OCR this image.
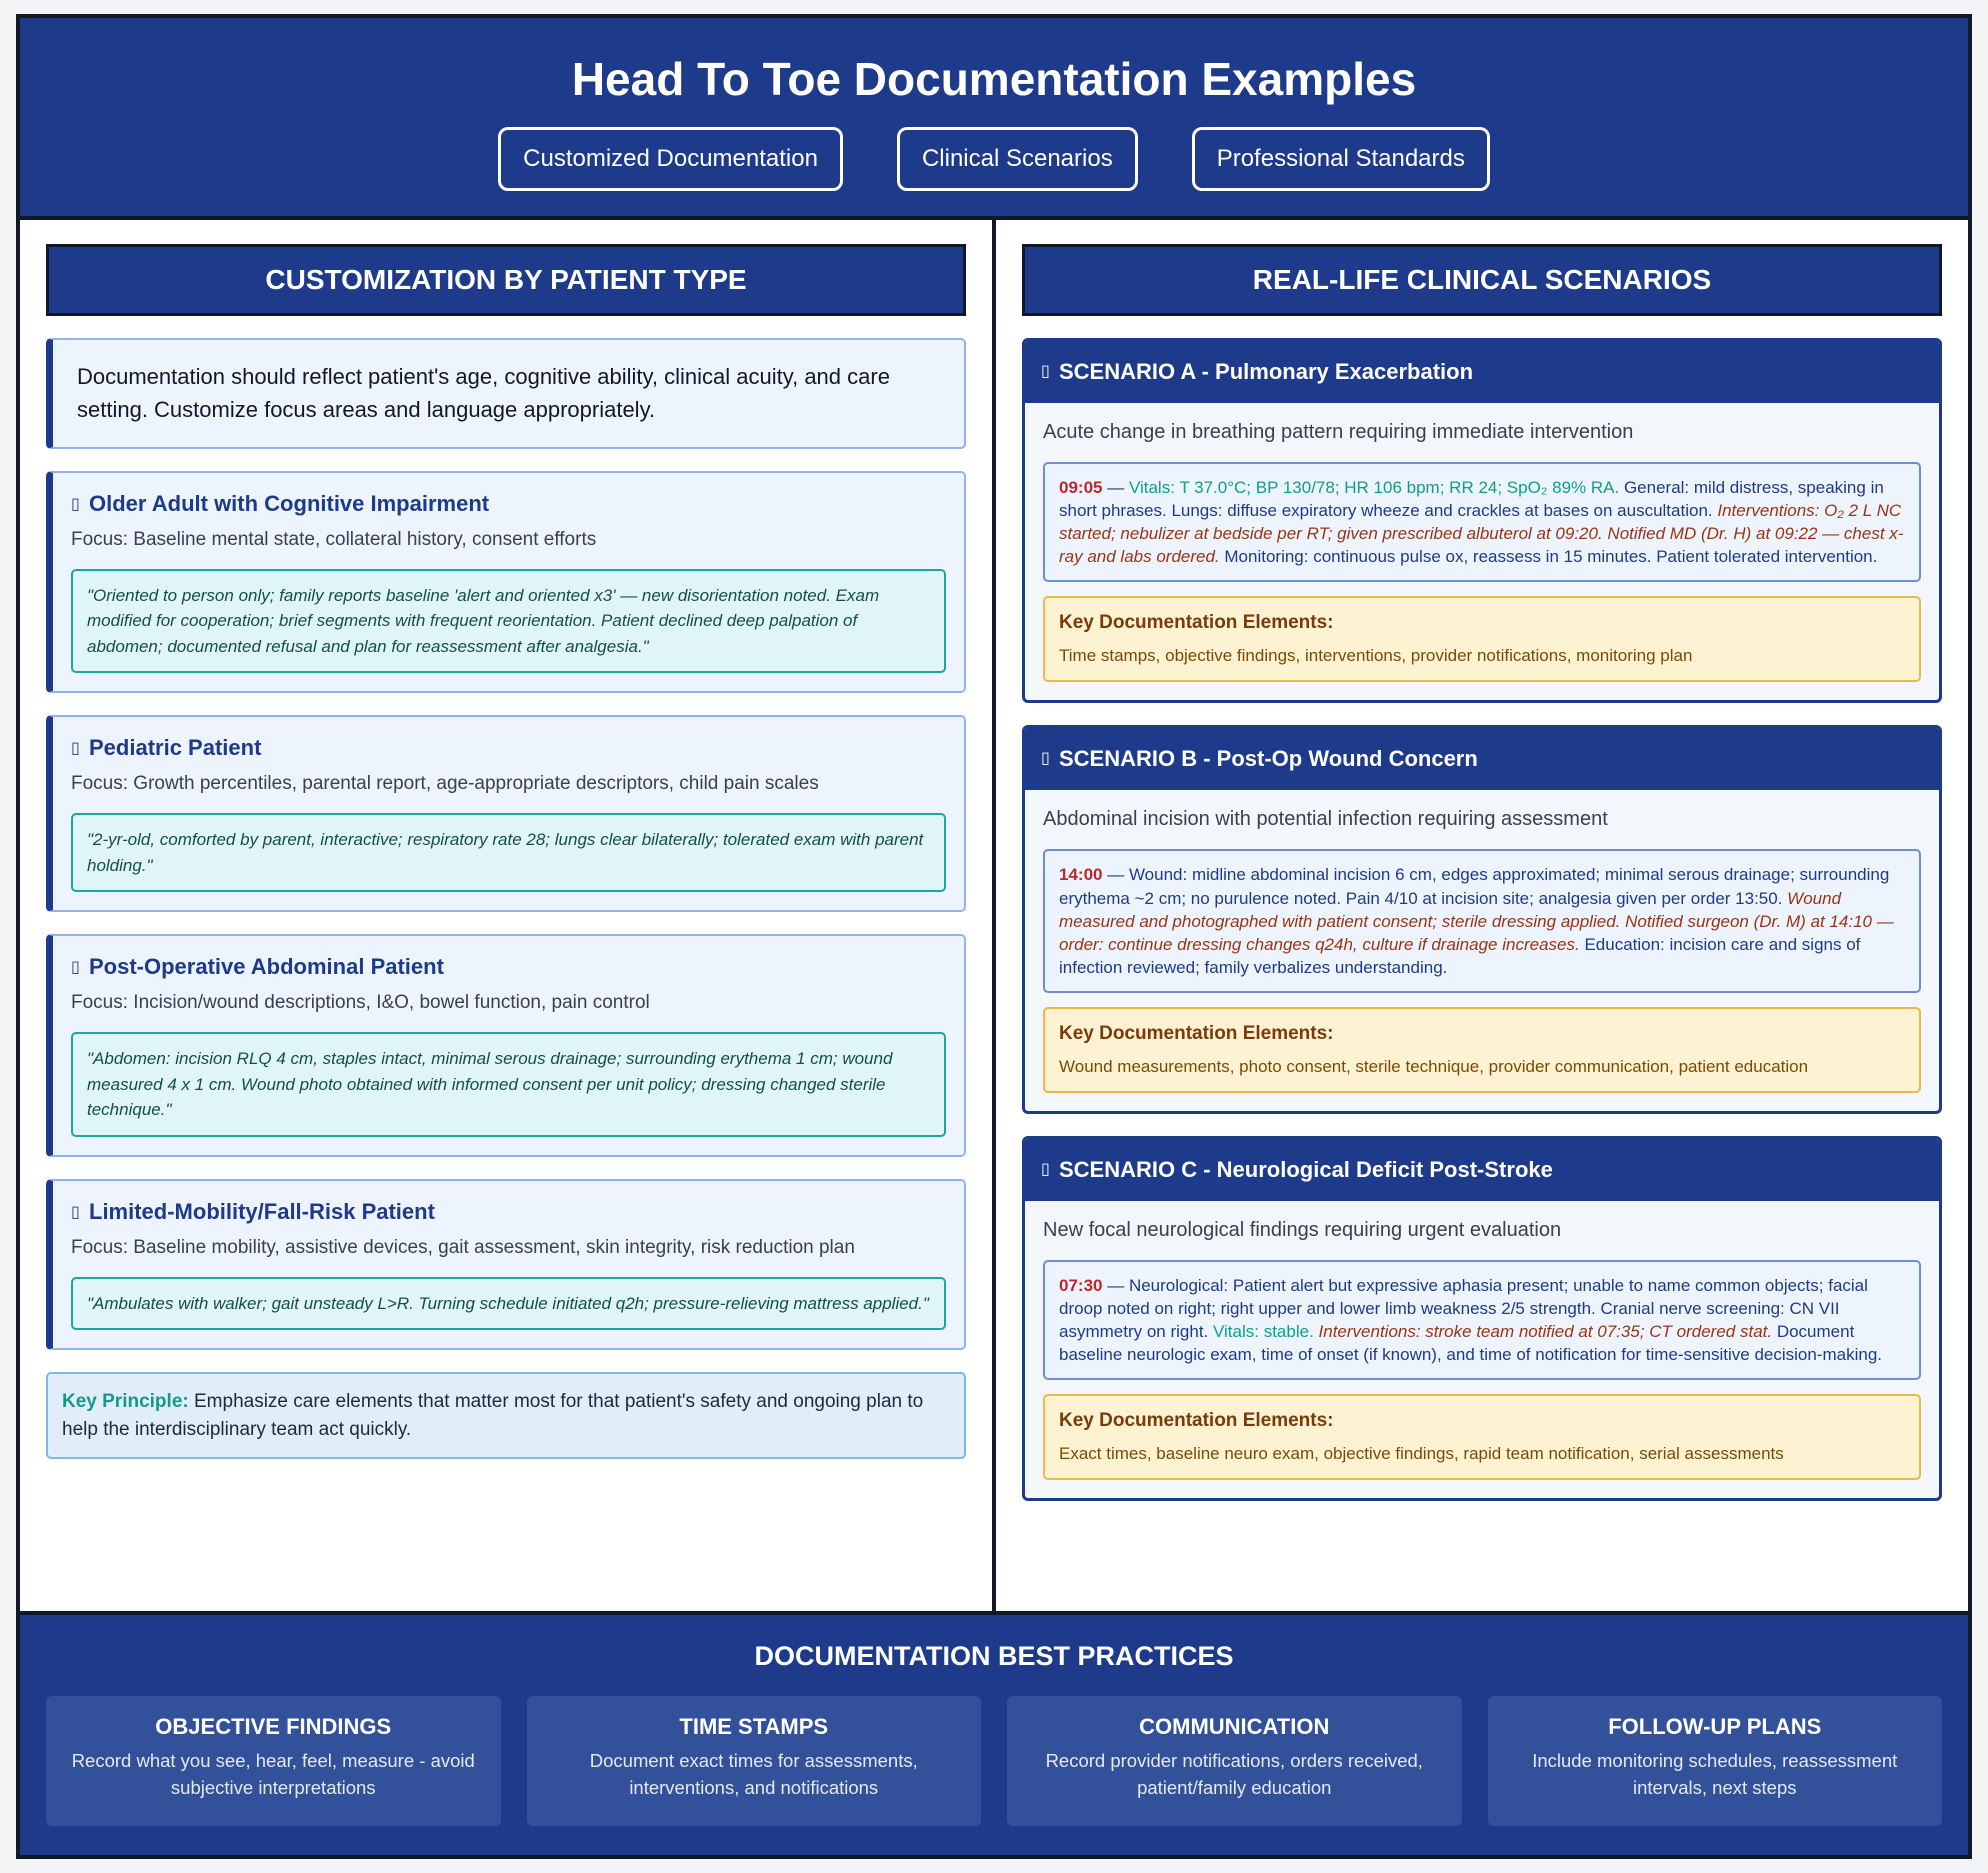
Head To Toe Documentation Examples
Customized Documentation	Clinical Scenarios	Professional Standards
CUSTOMIZATION BY PATIENT TYPE
Documentation should reflect patient's age, cognitive ability, clinical acuity, and care setting. Customize focus areas and language appropriately.
▯ Older Adult with Cognitive Impairment
Focus: Baseline mental state, collateral history, consent efforts
"Oriented to person only; family reports baseline 'alert and oriented x3' — new disorientation noted. Exam modified for cooperation; brief segments with frequent reorientation. Patient declined deep palpation of abdomen; documented refusal and plan for reassessment after analgesia."
▯ Pediatric Patient
Focus: Growth percentiles, parental report, age-appropriate descriptors, child pain scales
"2-yr-old, comforted by parent, interactive; respiratory rate 28; lungs clear bilaterally; tolerated exam with parent holding."
▯ Post-Operative Abdominal Patient
Focus: Incision/wound descriptions, I&O, bowel function, pain control
"Abdomen: incision RLQ 4 cm, staples intact, minimal serous drainage; surrounding erythema 1 cm; wound measured 4 x 1 cm. Wound photo obtained with informed consent per unit policy; dressing changed sterile technique."
▯ Limited-Mobility/Fall-Risk Patient
Focus: Baseline mobility, assistive devices, gait assessment, skin integrity, risk reduction plan
"Ambulates with walker; gait unsteady L>R. Turning schedule initiated q2h; pressure-relieving mattress applied."
Key Principle: Emphasize care elements that matter most for that patient's safety and ongoing plan to help the interdisciplinary team act quickly.
REAL-LIFE CLINICAL SCENARIOS
▯ SCENARIO A - Pulmonary Exacerbation
Acute change in breathing pattern requiring immediate intervention
09:05 — Vitals: T 37.0°C; BP 130/78; HR 106 bpm; RR 24; SpO₂ 89% RA. General: mild distress, speaking in short phrases. Lungs: diffuse expiratory wheeze and crackles at bases on auscultation. Interventions: O₂ 2 L NC started; nebulizer at bedside per RT; given prescribed albuterol at 09:20. Notified MD (Dr. H) at 09:22 — chest x-ray and labs ordered. Monitoring: continuous pulse ox, reassess in 15 minutes. Patient tolerated intervention.
Key Documentation Elements:
Time stamps, objective findings, interventions, provider notifications, monitoring plan
▯ SCENARIO B - Post-Op Wound Concern
Abdominal incision with potential infection requiring assessment
14:00 — Wound: midline abdominal incision 6 cm, edges approximated; minimal serous drainage; surrounding erythema ~2 cm; no purulence noted. Pain 4/10 at incision site; analgesia given per order 13:50. Wound measured and photographed with patient consent; sterile dressing applied. Notified surgeon (Dr. M) at 14:10 — order: continue dressing changes q24h, culture if drainage increases. Education: incision care and signs of infection reviewed; family verbalizes understanding.
Key Documentation Elements:
Wound measurements, photo consent, sterile technique, provider communication, patient education
▯ SCENARIO C - Neurological Deficit Post-Stroke
New focal neurological findings requiring urgent evaluation
07:30 — Neurological: Patient alert but expressive aphasia present; unable to name common objects; facial droop noted on right; right upper and lower limb weakness 2/5 strength. Cranial nerve screening: CN VII asymmetry on right. Vitals: stable. Interventions: stroke team notified at 07:35; CT ordered stat. Document baseline neurologic exam, time of onset (if known), and time of notification for time-sensitive decision-making.
Key Documentation Elements:
Exact times, baseline neuro exam, objective findings, rapid team notification, serial assessments
DOCUMENTATION BEST PRACTICES
OBJECTIVE FINDINGS
Record what you see, hear, feel, measure - avoid subjective interpretations
TIME STAMPS
Document exact times for assessments, interventions, and notifications
COMMUNICATION
Record provider notifications, orders received, patient/family education
FOLLOW-UP PLANS
Include monitoring schedules, reassessment intervals, next steps
